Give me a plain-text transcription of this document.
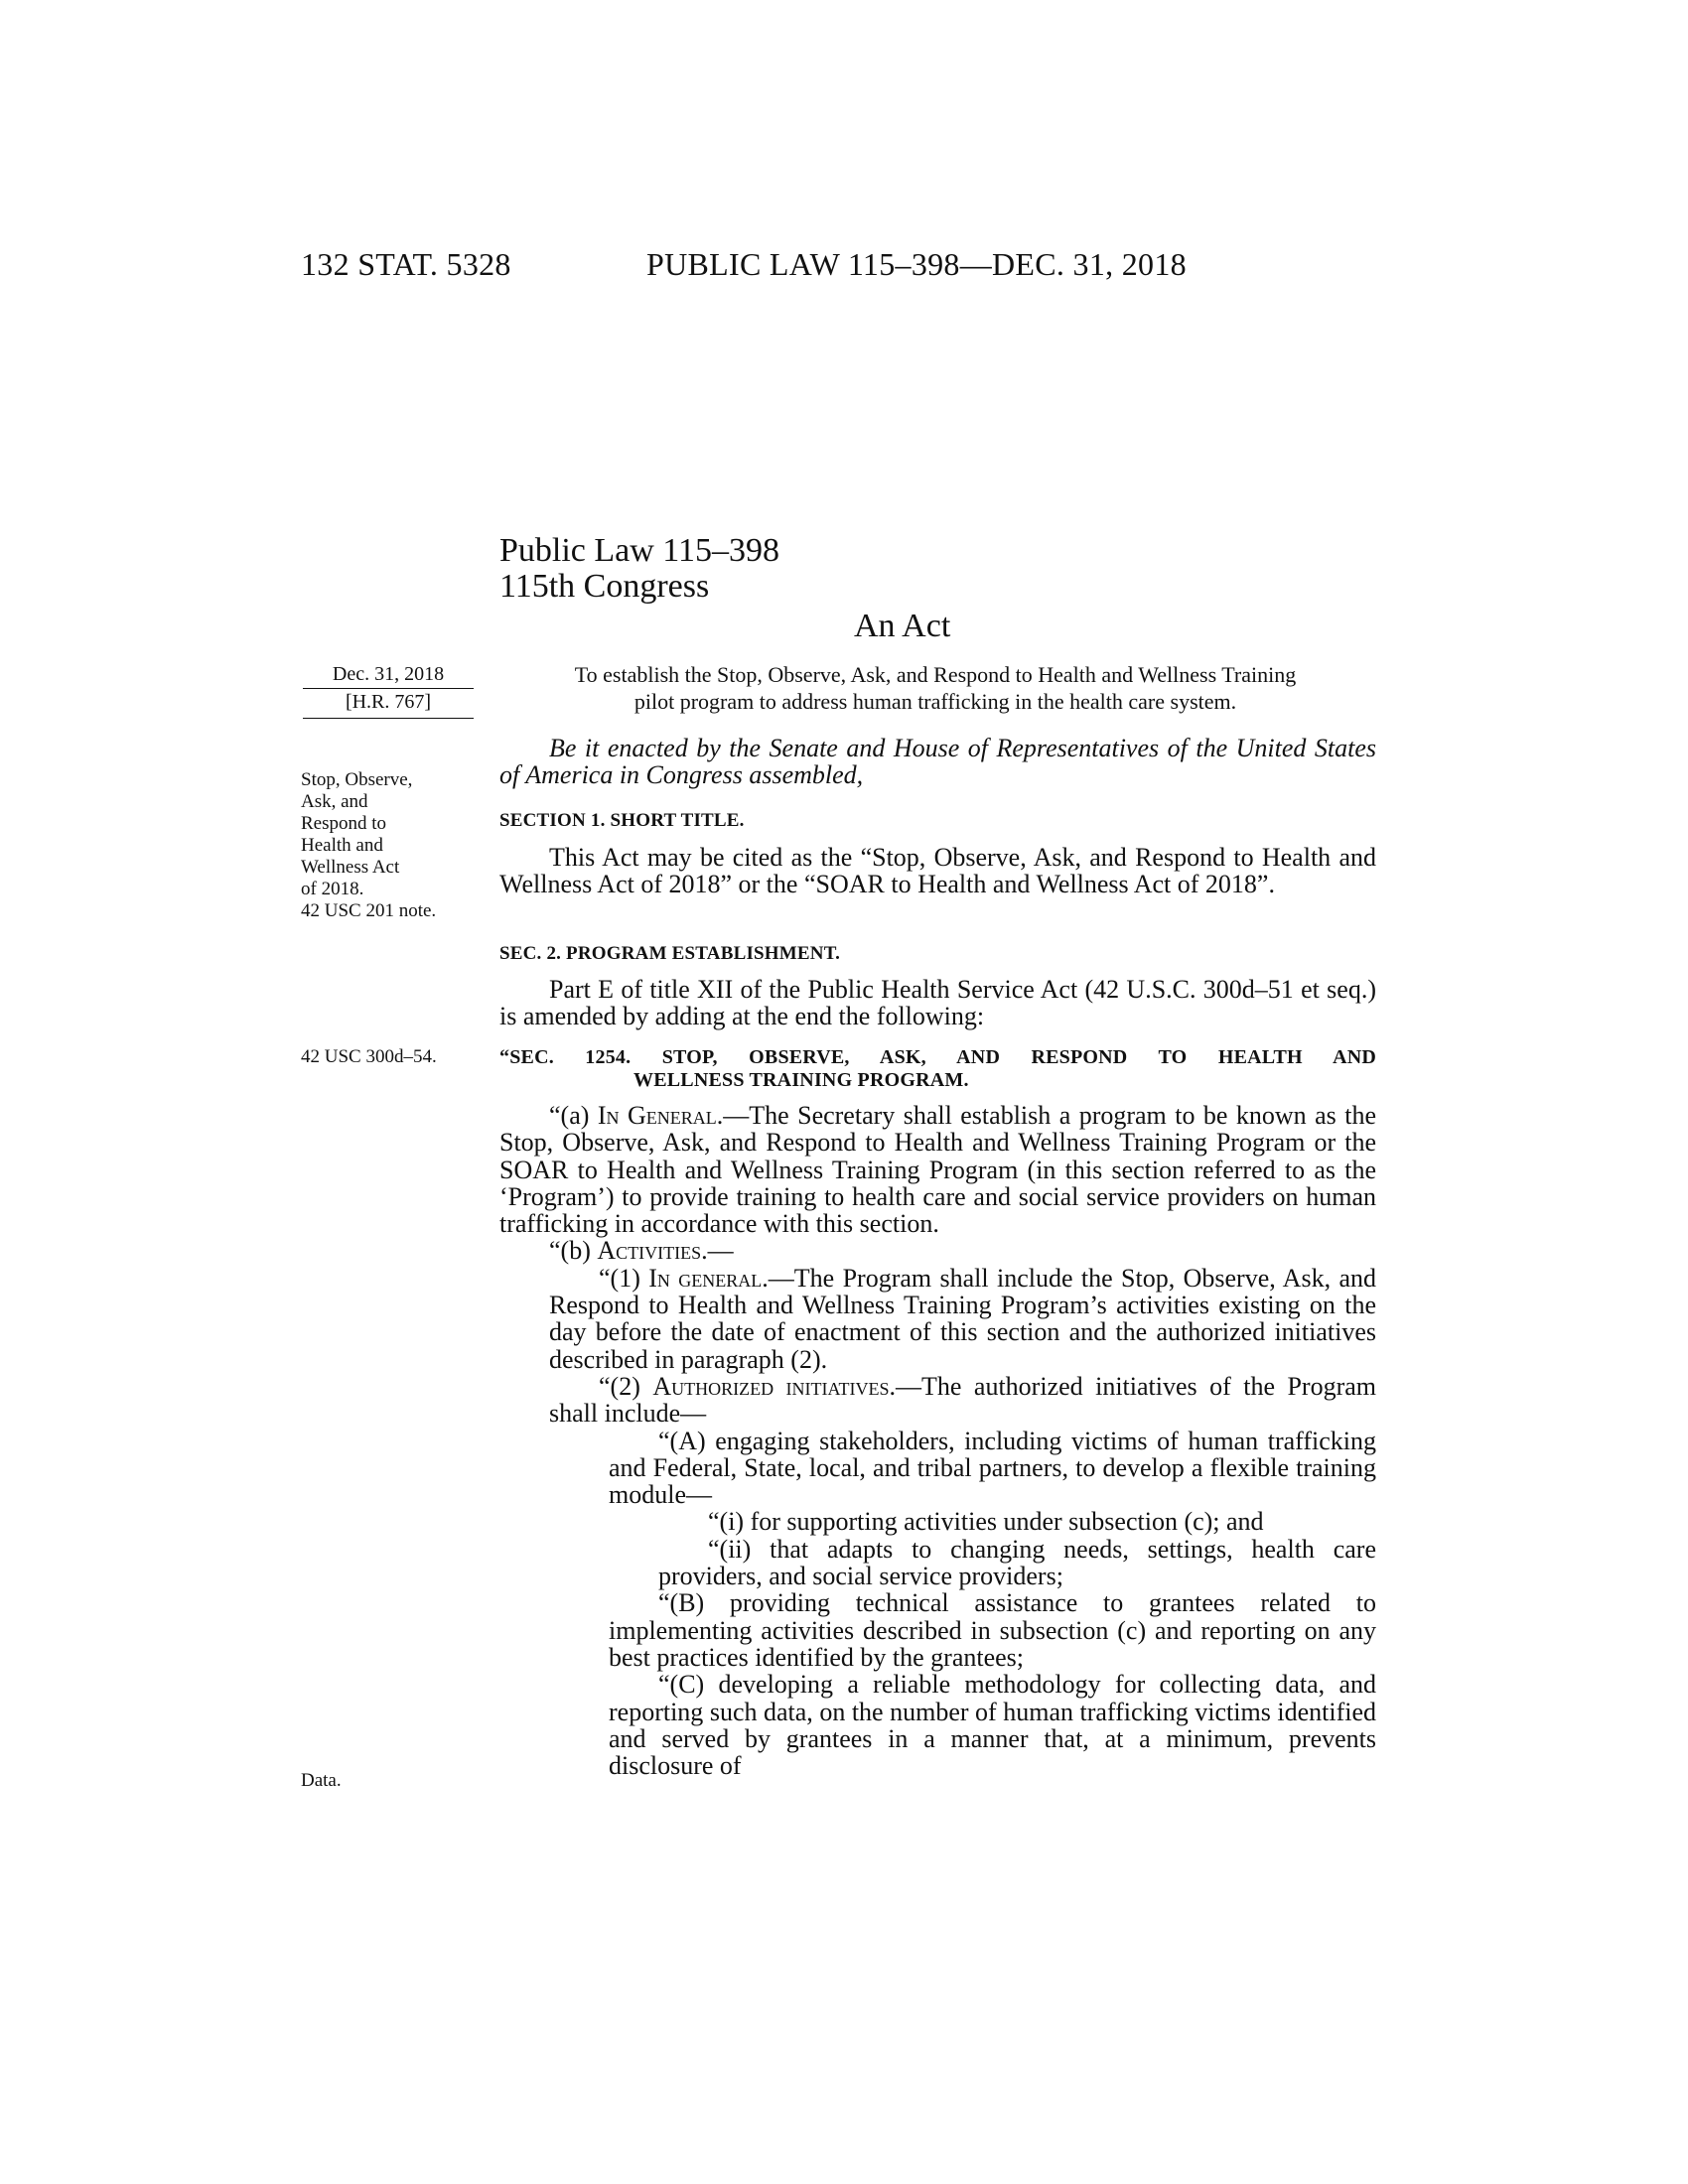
132 STAT. 5328	PUBLIC LAW 115–398—DEC. 31, 2018
Public Law 115–398
115th Congress
An Act
Dec. 31, 2018
[H.R. 767]
To establish the Stop, Observe, Ask, and Respond to Health and Wellness Training
pilot program to address human trafficking in the health care system.
Stop, Observe,
Ask, and
Respond to
Health and
Wellness Act
of 2018.
42 USC 201 note.
42 USC 300d–54.
Data.

Be it enacted by the Senate and House of Representatives of the United States of America in Congress assembled,

SECTION 1. SHORT TITLE.

This Act may be cited as the “Stop, Observe, Ask, and Respond to Health and Wellness Act of 2018” or the “SOAR to Health and Wellness Act of 2018”.

SEC. 2. PROGRAM ESTABLISHMENT.

Part E of title XII of the Public Health Service Act (42 U.S.C. 300d–51 et seq.) is amended by adding at the end the following:

“SEC. 1254. STOP, OBSERVE, ASK, AND RESPOND TO HEALTH AND
WELLNESS TRAINING PROGRAM.

“(a) In General.—The Secretary shall establish a program to be known as the Stop, Observe, Ask, and Respond to Health and Wellness Training Program or the SOAR to Health and Wellness Training Program (in this section referred to as the ‘Program’) to provide training to health care and social service providers on human trafficking in accordance with this section.

“(b) Activities.—

“(1) In general.—The Program shall include the Stop, Observe, Ask, and Respond to Health and Wellness Training Program’s activities existing on the day before the date of enactment of this section and the authorized initiatives described in paragraph (2).

“(2) Authorized initiatives.—The authorized initiatives of the Program shall include—

“(A) engaging stakeholders, including victims of human trafficking and Federal, State, local, and tribal partners, to develop a flexible training module—

“(i) for supporting activities under subsection (c); and

“(ii) that adapts to changing needs, settings, health care providers, and social service providers;

“(B) providing technical assistance to grantees related to implementing activities described in subsection (c) and reporting on any best practices identified by the grantees;

“(C) developing a reliable methodology for collecting data, and reporting such data, on the number of human trafficking victims identified and served by grantees in a manner that, at a minimum, prevents disclosure of
